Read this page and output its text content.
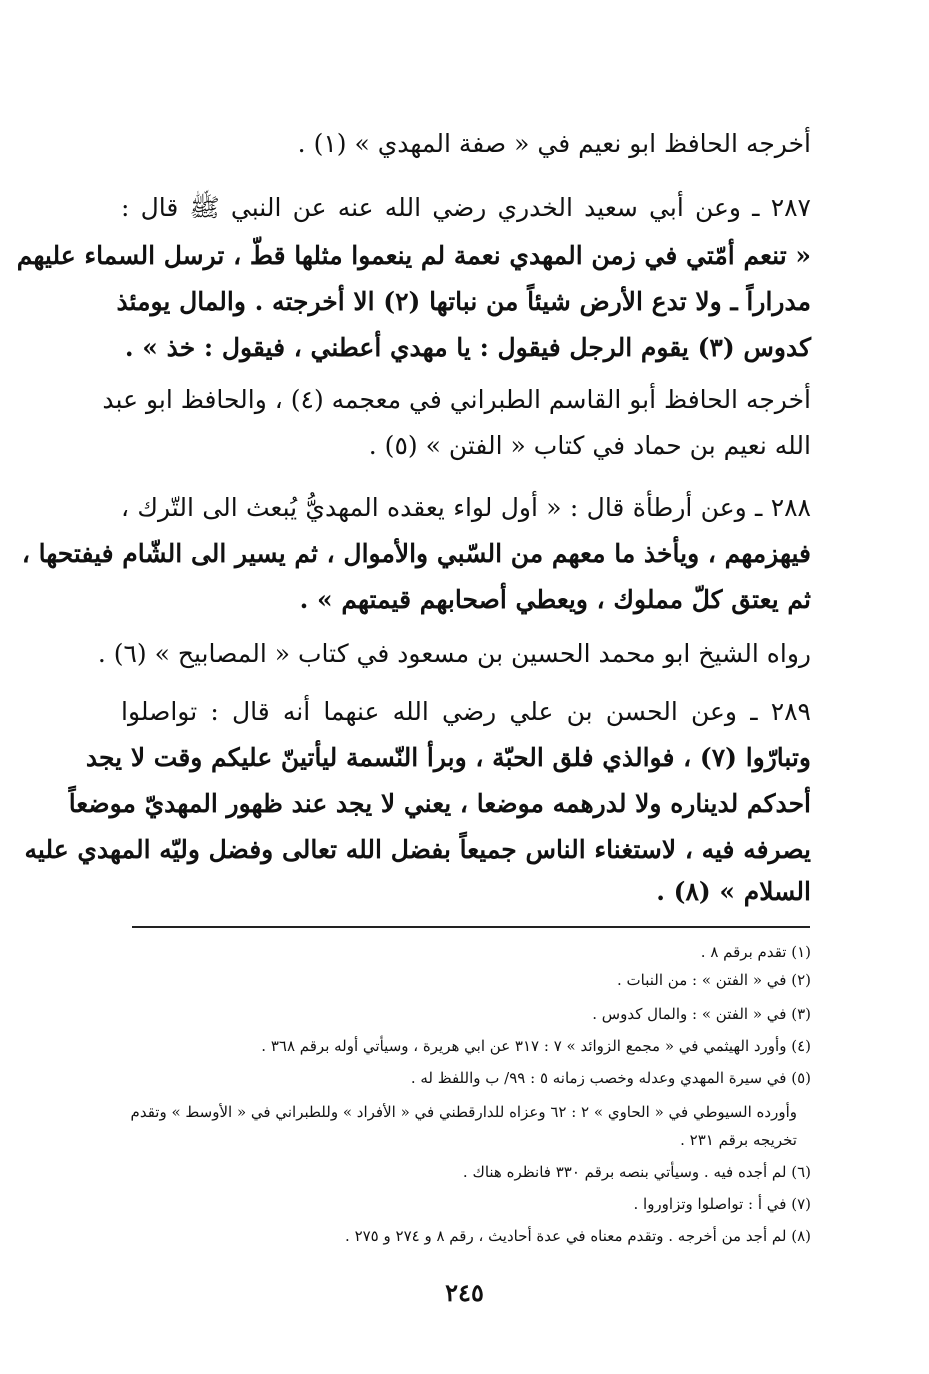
أخرجه الحافظ ابو نعيم في « صفة المهدي » (١) .
٢٨٧ ـ وعن أبي سعيد الخدري رضي الله عنه عن النبي ﷺ قال :
« تنعم أمّتي في زمن المهدي نعمة لم ينعموا مثلها قطّ ، ترسل السماء عليهم
مدراراً ـ ولا تدع الأرض شيئاً من نباتها (٢) الا أخرجته . والمال يومئذ
كدوس (٣) يقوم الرجل فيقول : يا مهدي أعطني ، فيقول : خذ » .
أخرجه الحافظ أبو القاسم الطبراني في معجمه (٤) ، والحافظ ابو عبد
الله نعيم بن حماد في كتاب « الفتن » (٥) .
٢٨٨ ـ وعن أرطأة قال : « أول لواء يعقده المهديُّ يُبعث الى التّرك ،
فيهزمهم ، ويأخذ ما معهم من السّبي والأموال ، ثم يسير الى الشّام فيفتحها ،
ثم يعتق كلّ مملوك ، ويعطي أصحابهم قيمتهم » .
رواه الشيخ ابو محمد الحسين بن مسعود في كتاب « المصابيح » (٦) .
٢٨٩ ـ وعن الحسن بن علي رضي الله عنهما أنه قال : تواصلوا
وتبارّوا (٧) ، فوالذي فلق الحبّة ، وبرأ النّسمة ليأتينّ عليكم وقت لا يجد
أحدكم لديناره ولا لدرهمه موضعا ، يعني لا يجد عند ظهور المهديّ موضعاً
يصرفه فيه ، لاستغناء الناس جميعاً بفضل الله تعالى وفضل وليّه المهدي عليه
السلام » (٨) .
(١) تقدم برقم ٨ .
(٢) في « الفتن » : من النبات .
(٣) في « الفتن » : والمال كدوس .
(٤) وأورد الهيثمي في « مجمع الزوائد » ٧ : ٣١٧ عن ابي هريرة ، وسيأتي أوله برقم ٣٦٨ .
(٥) في سيرة المهدي وعدله وخصب زمانه ٥ : ٩٩/ ب واللفظ له .
وأورده السيوطي في « الحاوي » ٢ : ٦٢ وعزاه للدارقطني في « الأفراد » وللطبراني في « الأوسط » وتقدم
تخريجه برقم ٢٣١ .
(٦) لم أجده فيه . وسيأتي بنصه برقم ٣٣٠ فانظره هناك .
(٧) في أ : تواصلوا وتزاوروا .
(٨) لم أجد من أخرجه . وتقدم معناه في عدة أحاديث ، رقم ٨ و ٢٧٤ و ٢٧٥ .
٢٤٥
